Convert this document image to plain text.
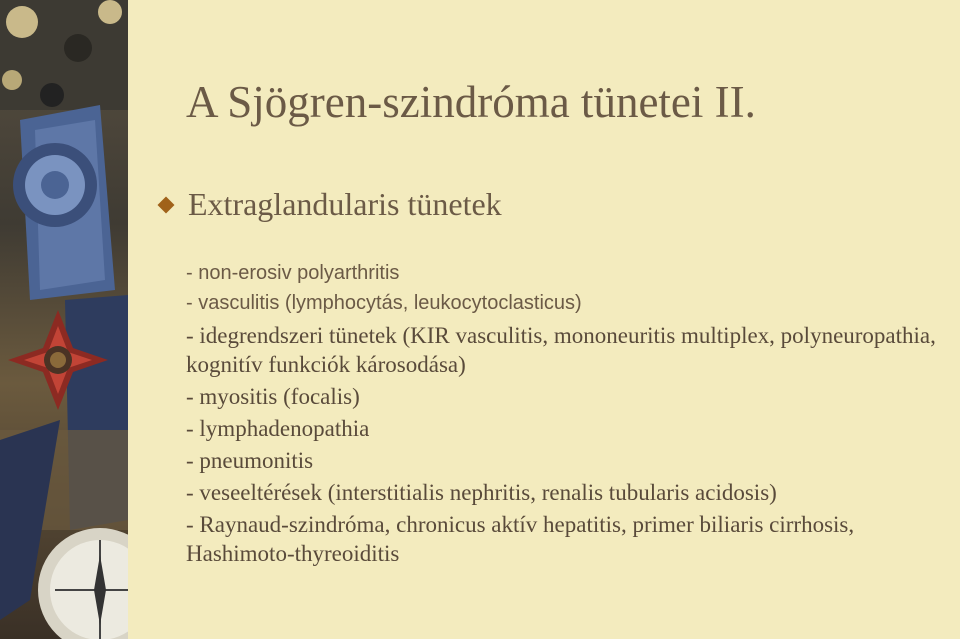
A Sjögren-szindróma tünetei II.
Extraglandularis tünetek
- non-erosiv polyarthritis
- vasculitis (lymphocytás, leukocytoclasticus)
- idegrendszeri tünetek (KIR vasculitis, mononeuritis multiplex, polyneuropathia, kognitív funkciók károsodása)
- myositis (focalis)
- lymphadenopathia
- pneumonitis
- veseeltérések (interstitialis nephritis, renalis tubularis acidosis)
- Raynaud-szindróma, chronicus aktív hepatitis, primer biliaris cirrhosis, Hashimoto-thyreoiditis
